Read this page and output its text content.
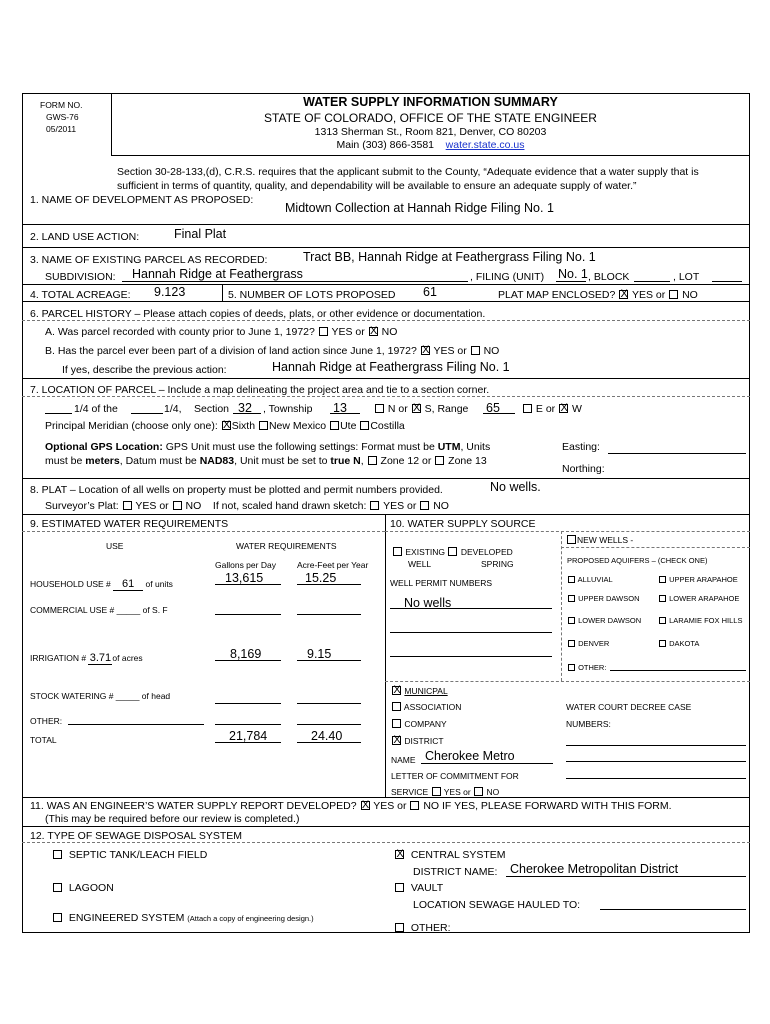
FORM NO.
GWS-76
05/2011
WATER SUPPLY INFORMATION SUMMARY
STATE OF COLORADO, OFFICE OF THE STATE ENGINEER
1313 Sherman St., Room 821, Denver, CO 80203
Main (303) 866-3581 water.state.co.us
Section 30-28-133,(d), C.R.S. requires that the applicant submit to the County, “Adequate evidence that a water supply that is
sufficient in terms of quantity, quality, and dependability will be available to ensure an adequate supply of water.”
1. NAME OF DEVELOPMENT AS PROPOSED:
Midtown Collection at Hannah Ridge Filing No. 1
2. LAND USE ACTION:	Final Plat
3. NAME OF EXISTING PARCEL AS RECORDED:	Tract BB, Hannah Ridge at Feathergrass Filing No. 1
SUBDIVISION: Hannah Ridge at Feathergrass	, FILING (UNIT) No. 1 , BLOCK	, LOT
4. TOTAL ACREAGE: 9.123	5. NUMBER OF LOTS PROPOSED 61	PLAT MAP ENCLOSED? X YES or NO
6. PARCEL HISTORY – Please attach copies of deeds, plats, or other evidence or documentation.
A. Was parcel recorded with county prior to June 1, 1972? YES or X NO
B. Has the parcel ever been part of a division of land action since June 1, 1972? X YES or NO
If yes, describe the previous action:	Hannah Ridge at Feathergrass Filing No. 1
7. LOCATION OF PARCEL – Include a map delineating the project area and tie to a section corner.
1/4 of the	1/4, Section 32 , Township 13	N or X S, Range 65	E or X W
Principal Meridian (choose only one): X Sixth New Mexico Ute Costilla
Optional GPS Location: GPS Unit must use the following settings: Format must be UTM, Units
must be meters, Datum must be NAD83, Unit must be set to true N, Zone 12 or Zone 13
Easting:
Northing:
8. PLAT – Location of all wells on property must be plotted and permit numbers provided.	No wells.
Surveyor’s Plat: YES or NO If not, scaled hand drawn sketch: YES or NO
9. ESTIMATED WATER REQUIREMENTS
USE	WATER REQUIREMENTS
Gallons per Day Acre-Feet per Year
HOUSEHOLD USE # 61 of units	13,615	15.25
COMMERCIAL USE # _____ of S. F
IRRIGATION # 3.71of acres	8,169	9.15
STOCK WATERING # _____ of head
OTHER:
TOTAL	21,784	24.40
10. WATER SUPPLY SOURCE
EXISTING DEVELOPED
WELL	SPRING
WELL PERMIT NUMBERS
No wells
NEW WELLS -
PROPOSED AQUIFERS – (CHECK ONE)
ALLUVIAL	UPPER ARAPAHOE
UPPER DAWSON	LOWER ARAPAHOE
LOWER DAWSON	LARAMIE FOX HILLS
DENVER	DAKOTA
OTHER:
X MUNICPAL
ASSOCIATION
COMPANY
X DISTRICT
NAME Cherokee Metro
LETTER OF COMMITMENT FOR
SERVICE YES or NO
WATER COURT DECREE CASE
NUMBERS:
11. WAS AN ENGINEER’S WATER SUPPLY REPORT DEVELOPED? X YES or NO IF YES, PLEASE FORWARD WITH THIS FORM.
(This may be required before our review is completed.)
12. TYPE OF SEWAGE DISPOSAL SYSTEM
SEPTIC TANK/LEACH FIELD
LAGOON
ENGINEERED SYSTEM (Attach a copy of engineering design.)
X  CENTRAL SYSTEM
DISTRICT NAME: Cherokee Metropolitan District
VAULT
LOCATION SEWAGE HAULED TO:
OTHER:
